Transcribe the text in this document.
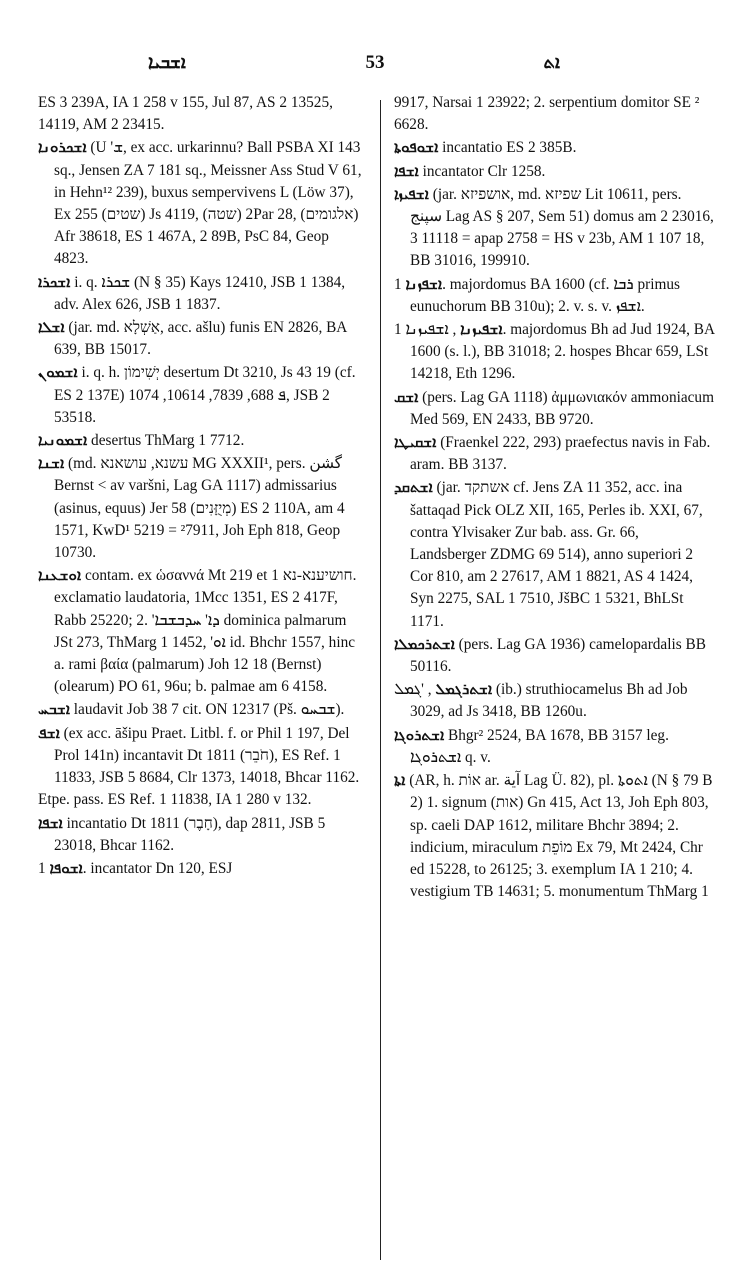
ܐܫܒܝܐ	53	ܐܬ

ES 3 239A, IA 1 258 v 155, Jul 87, AS 2 13525, 14119, AM 2 23415.

ܐܫܟܪܘܢܐ (U 'ܫ, ex acc. urkarinnu? Ball PSBA XI 143 sq., Jensen ZA 7 181 sq., Meissner Ass Stud V 61, in Hehn¹² 239), buxus sempervivens L (Löw 37), Ex 255 (שטים) Js 4119, (שטה) 2Par 28, (אלגומים) Afr 38618, ES 1 467A, 2 89B, PsC 84, Geop 4823.

ܐܫܟܪܐ i. q. ܫܟܪܐ (N § 35) Kays 12410, JSB 1 1384, adv. Alex 626, JSB 1 1837.

ܐܫܠܐ (jar. md. אַשְׁלָא, acc. ašlu) funis EN 2826, BA 639, BB 15017.

ܐܫܡܘܢ i. q. h. יְשִׁימוֹן desertum Dt 3210, Js 43 19 (cf. ES 2 137E) ܦ 688, 7839, 10614, 1074, JSB 2 53518.

ܐܫܡܘܢܝܐ desertus ThMarg 1 7712.

ܐܫܢܐ (md. עשנא, עושאנא MG XXXII¹, pers. گشن Bernst < av varšni, Lag GA 1117) admissarius (asinus, equus) Jer 58 (מְיֻזָּנִים) ES 2 110A, am 4 1571, KwD¹ 5219 = ²7911, Joh Eph 818, Geop 10730.

ܐܘܫܥܢܐ contam. ex ὡσαννά Mt 219 et חושיענא-נא 1. exclamatio laudatoria, 1Mcc 1351, ES 2 417F, Rabb 25220; 2. 'ܕܐ' ܚܕܒܫܒܐ dominica palmarum JSt 273, ThMarg 1 1452, 'ܐܘ id. Bhchr 1557, hinc a. rami βαία (palmarum) Joh 12 18 (Bernst) (olearum) PO 61, 96u; b. palmae am 6 4158.

ܐܫܒܚ laudavit Job 38 7 cit. ON 12317 (Pš. ܫܒܚܘ).

ܐܫܦ (ex acc. āšipu Praet. Litbl. f. or Phil 1 197, Del Prol 141n) incantavit Dt 1811 (חֹבֵר), ES Ref. 1 11833, JSB 5 8684, Clr 1373, 14018, Bhcar 1162.

Etpe. pass. ES Ref. 1 11838, IA 1 280 v 132.

ܐܫܦܐ incantatio Dt 1811 (חָבֶר), dap 2811, JSB 5 23018, Bhcar 1162.

ܐܫܘܦܐ 1. incantator Dn 120, ESJ

9917, Narsai 1 23922; 2. serpentium domitor SE ² 6628.

ܐܫܘܦܘܬܐ incantatio ES 2 385B.

ܐܫܦܐ incantator Clr 1258.

ܐܫܦܝܙܐ (jar. אושפיזא, md. שפיזא Lit 10611, pers. سپنج Lag AS § 207, Sem 51) domus am 2 23016, 3 11118 = apap 2758 = HS v 23b, AM 1 107 18, BB 31016, 199910.

ܐܫܦܙܢܐ 1. majordomus BA 1600 (cf. ܪܒܐ primus eunuchorum BB 310u); 2. v. s. v. ܐܫܦܙ.

ܐܫܦܝܙܢܐ , ܐܫܦܝܙܢܐ 1. majordomus Bh ad Jud 1924, BA 1600 (s. l.), BB 31018; 2. hospes Bhcar 659, LSt 14218, Eth 1296.

ܐܫܩ (pers. Lag GA 1118) ἀμμωνιακόν ammoniacum Med 569, EN 2433, BB 9720.

ܐܫܩܝܛܐ (Fraenkel 222, 293) praefectus navis in Fab. aram. BB 3137.

ܐܫܬܩܕ (jar. אשתקד cf. Jens ZA 11 352, acc. ina šattaqad Pick OLZ XII, 165, Perles ib. XXI, 67, contra Ylvisaker Zur bab. ass. Gr. 66, Landsberger ZDMG 69 514), anno superiori 2 Cor 810, am 2 27617, AM 1 8821, AS 4 1424, Syn 2275, SAL 1 7510, JšBC 1 5321, BhLSt 1171.

ܐܫܬܪܟܡܠܐ (pers. Lag GA 1936) camelopardalis BB 50116.

ܐܫܬܪܓܡܠ , 'ܓܡܠ (ib.) struthiocamelus Bh ad Job 3029, ad Js 3418, BB 1260u.

ܐܫܬܪܘܓܐ Bhgr² 2524, BA 1678, BB 3157 leg. ܐܫܬܪܘܓܐ q. v.

ܐܬܐ (AR, h. אוֹת ar. آية Lag Ü. 82), pl. ܐܬܘܬܐ (N § 79 B 2) 1. signum (אות) Gn 415, Act 13, Joh Eph 803, sp. caeli DAP 1612, militare Bhchr 3894; 2. indicium, miraculum מוֹפֵת Ex 79, Mt 2424, Chr ed 15228, to 26125; 3. exemplum IA 1 210; 4. vestigium TB 14631; 5. monumentum ThMarg 1
